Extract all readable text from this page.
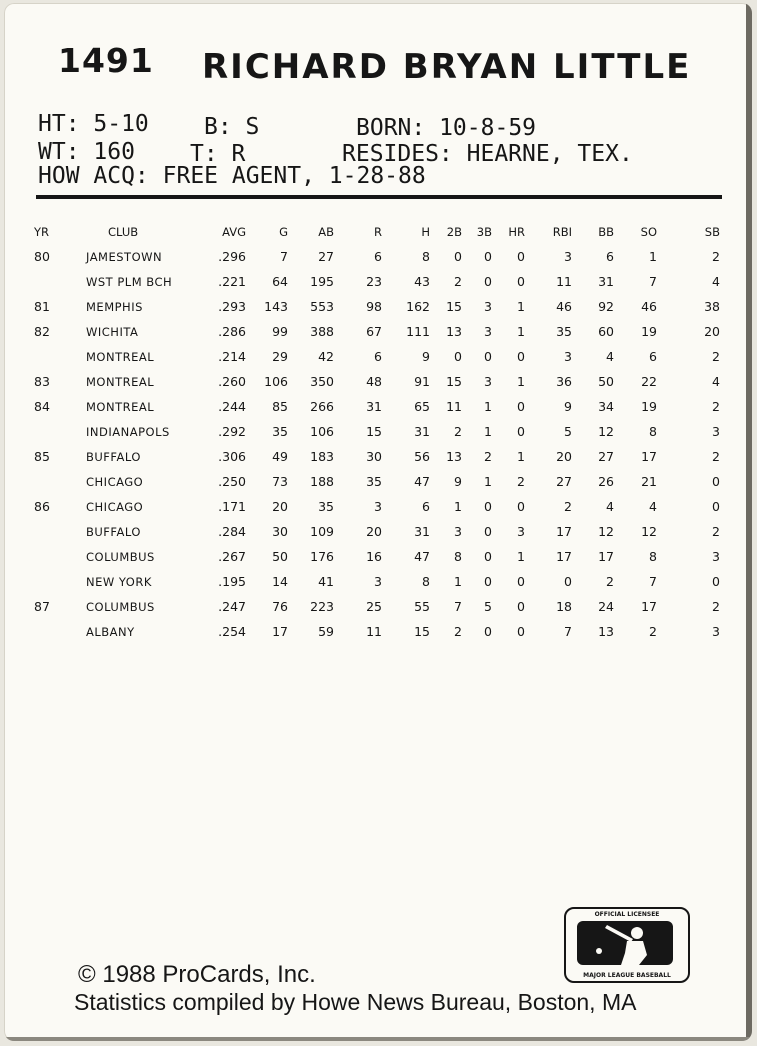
1491 RICHARD BRYAN LITTLE
HT: 5-10 B: S	BORN: 10-8-59
WT: 160 T: R	RESIDES: HEARNE, TEX.
HOW ACQ: FREE AGENT, 1-28-88
YR	CLUB	AVG	G	AB	R	H	2B	3B	HR	RBI	BB	SO	SB
80	JAMESTOWN	.296	7	27	6	8	0	0	0	3	6	1	2
	WST PLM BCH	.221	64	195	23	43	2	0	0	11	31	7	4
81	MEMPHIS	.293	143	553	98	162	15	3	1	46	92	46	38
82	WICHITA	.286	99	388	67	111	13	3	1	35	60	19	20
	MONTREAL	.214	29	42	6	9	0	0	0	3	4	6	2
83	MONTREAL	.260	106	350	48	91	15	3	1	36	50	22	4
84	MONTREAL	.244	85	266	31	65	11	1	0	9	34	19	2
	INDIANAPOLS	.292	35	106	15	31	2	1	0	5	12	8	3
85	BUFFALO	.306	49	183	30	56	13	2	1	20	27	17	2
	CHICAGO	.250	73	188	35	47	9	1	2	27	26	21	0
86	CHICAGO	.171	20	35	3	6	1	0	0	2	4	4	0
	BUFFALO	.284	30	109	20	31	3	0	3	17	12	12	2
	COLUMBUS	.267	50	176	16	47	8	0	1	17	17	8	3
	NEW YORK	.195	14	41	3	8	1	0	0	0	2	7	0
87	COLUMBUS	.247	76	223	25	55	7	5	0	18	24	17	2
	ALBANY	.254	17	59	11	15	2	0	0	7	13	2	3
OFFICIAL LICENSEE
MAJOR LEAGUE BASEBALL
© 1988 ProCards, Inc.
Statistics compiled by Howe News Bureau, Boston, MA
